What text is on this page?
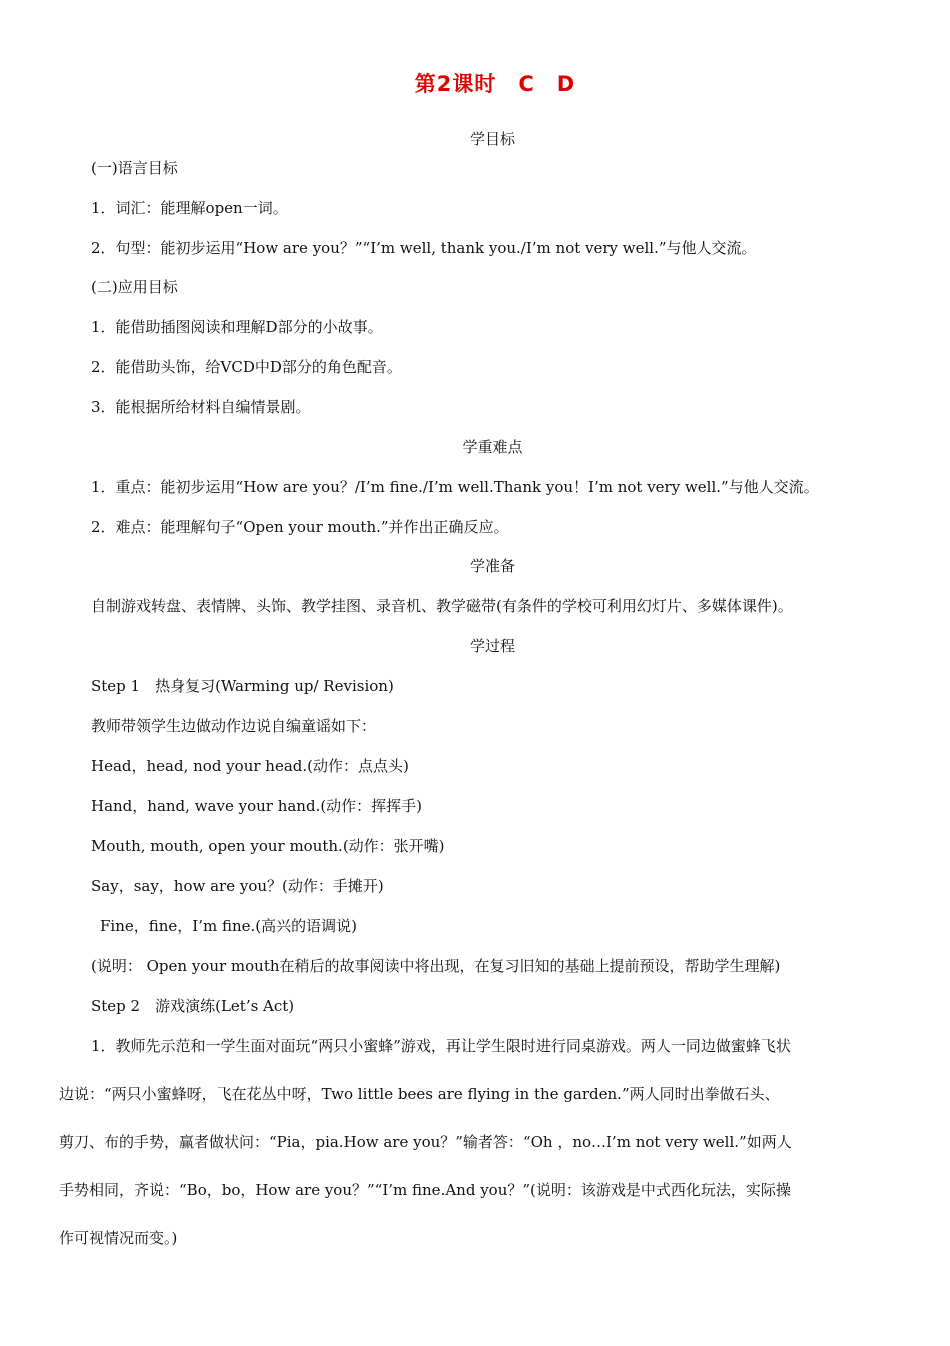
第2课时　C　D
学目标
(一)语言目标
1．词汇：能理解open一词。
2．句型：能初步运用“How are you？”“I’m well, thank you./I’m not very well.”与他人交流。
(二)应用目标
1．能借助插图阅读和理解D部分的小故事。
2．能借助头饰，给VCD中D部分的角色配音。
3．能根据所给材料自编情景剧。
学重难点
1．重点：能初步运用“How are you？/I’m fine./I’m well.Thank you！I’m not very well.”与他人交流。
2．难点：能理解句子“Open your mouth.”并作出正确反应。
学准备
自制游戏转盘、表情牌、头饰、教学挂图、录音机、教学磁带(有条件的学校可利用幻灯片、多媒体课件)。
学过程
Step 1　热身复习(Warming up/ Revision)
教师带领学生边做动作边说自编童谣如下：
Head，head, nod your head.(动作：点点头)
Hand，hand, wave your hand.(动作：挥挥手)
Mouth, mouth, open your mouth.(动作：张开嘴)
Say，say，how are you？(动作：手摊开)
Fine，fine，I’m fine.(高兴的语调说)
(说明： Open your mouth在稍后的故事阅读中将出现，在复习旧知的基础上提前预设，帮助学生理解)
Step 2　游戏演练(Let’s Act)
1．教师先示范和一学生面对面玩“两只小蜜蜂”游戏，再让学生限时进行同桌游戏。两人一同边做蜜蜂飞状
边说：“两只小蜜蜂呀，飞在花丛中呀，Two little bees are flying in the garden.”两人同时出拳做石头、
剪刀、布的手势，赢者做状问：“Pia，pia.How are you？”输者答：“Oh ，no…I’m not very well.”如两人
手势相同，齐说：“Bo，bo，How are you？”“I’m fine.And you？”(说明：该游戏是中式西化玩法，实际操
作可视情况而变。)
